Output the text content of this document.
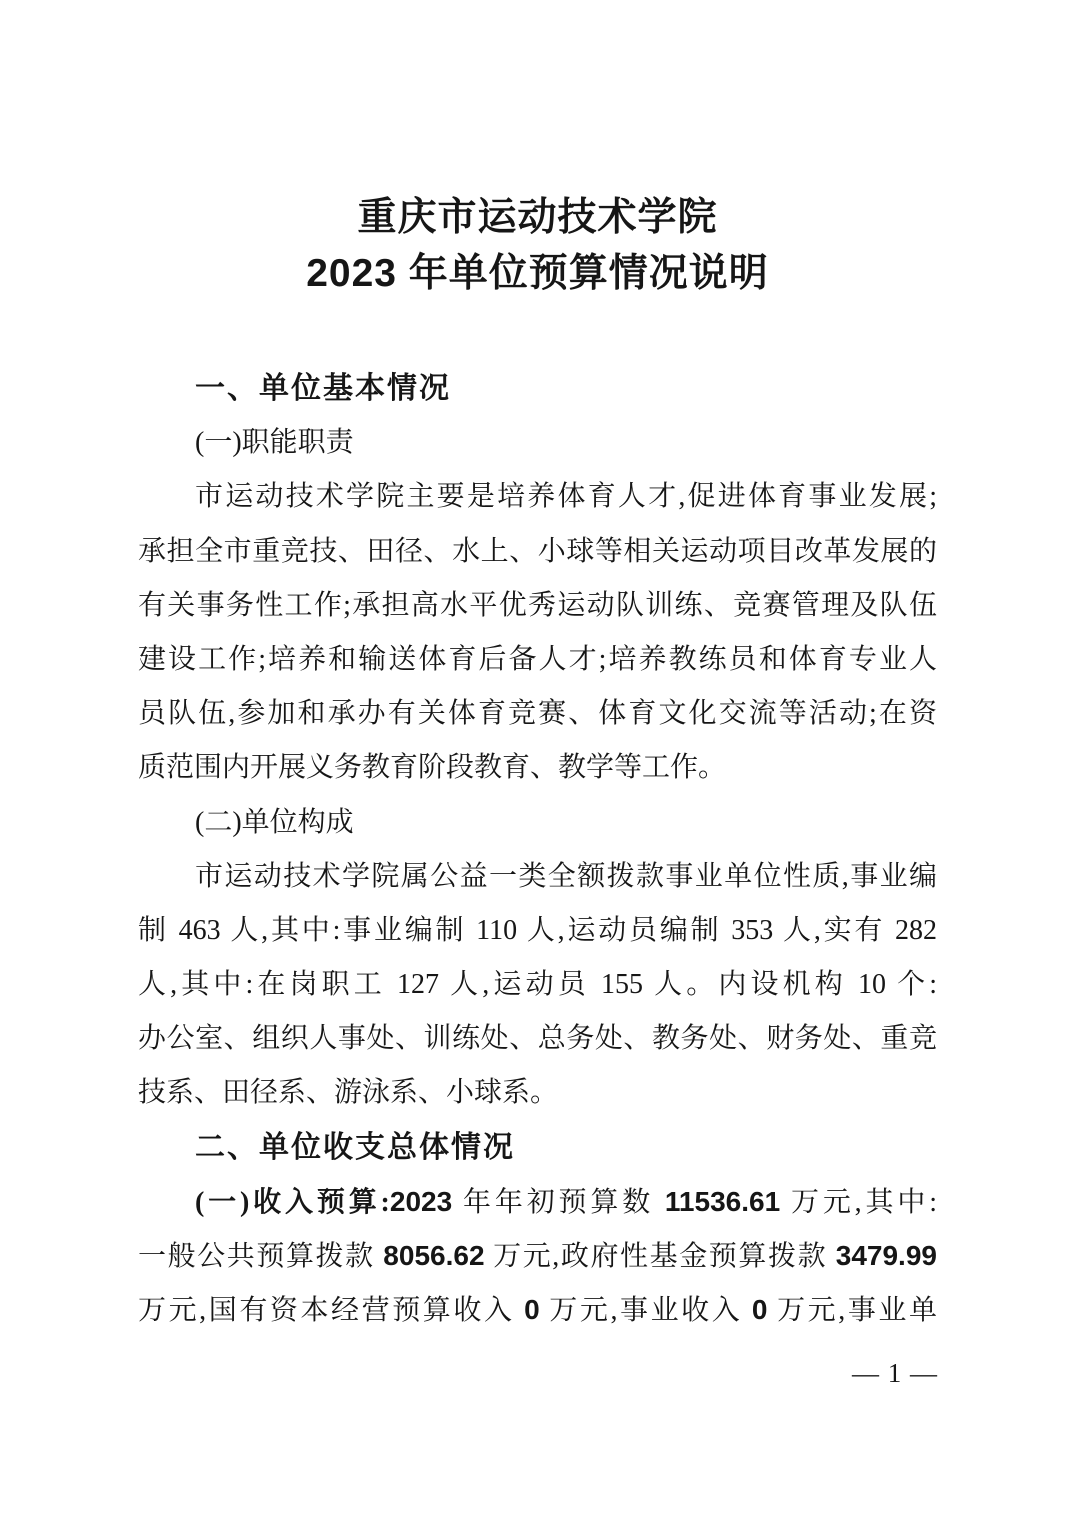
重庆市运动技术学院
2023 年单位预算情况说明
一、单位基本情况
(一)职能职责
市运动技术学院主要是培养体育人才,促进体育事业发展;
承担全市重竞技、田径、水上、小球等相关运动项目改革发展的
有关事务性工作;承担高水平优秀运动队训练、竞赛管理及队伍
建设工作;培养和输送体育后备人才;培养教练员和体育专业人
员队伍,参加和承办有关体育竞赛、体育文化交流等活动;在资
质范围内开展义务教育阶段教育、教学等工作。
(二)单位构成
市运动技术学院属公益一类全额拨款事业单位性质,事业编
制 463 人,其中:事业编制 110 人,运动员编制 353 人,实有 282
人,其中:在岗职工 127 人,运动员 155 人。内设机构 10 个:
办公室、组织人事处、训练处、总务处、教务处、财务处、重竞
技系、田径系、游泳系、小球系。
二、单位收支总体情况
(一)收入预算:2023 年年初预算数 11536.61 万元,其中:
一般公共预算拨款 8056.62 万元,政府性基金预算拨款 3479.99
万元,国有资本经营预算收入 0 万元,事业收入 0 万元,事业单
— 1 —
